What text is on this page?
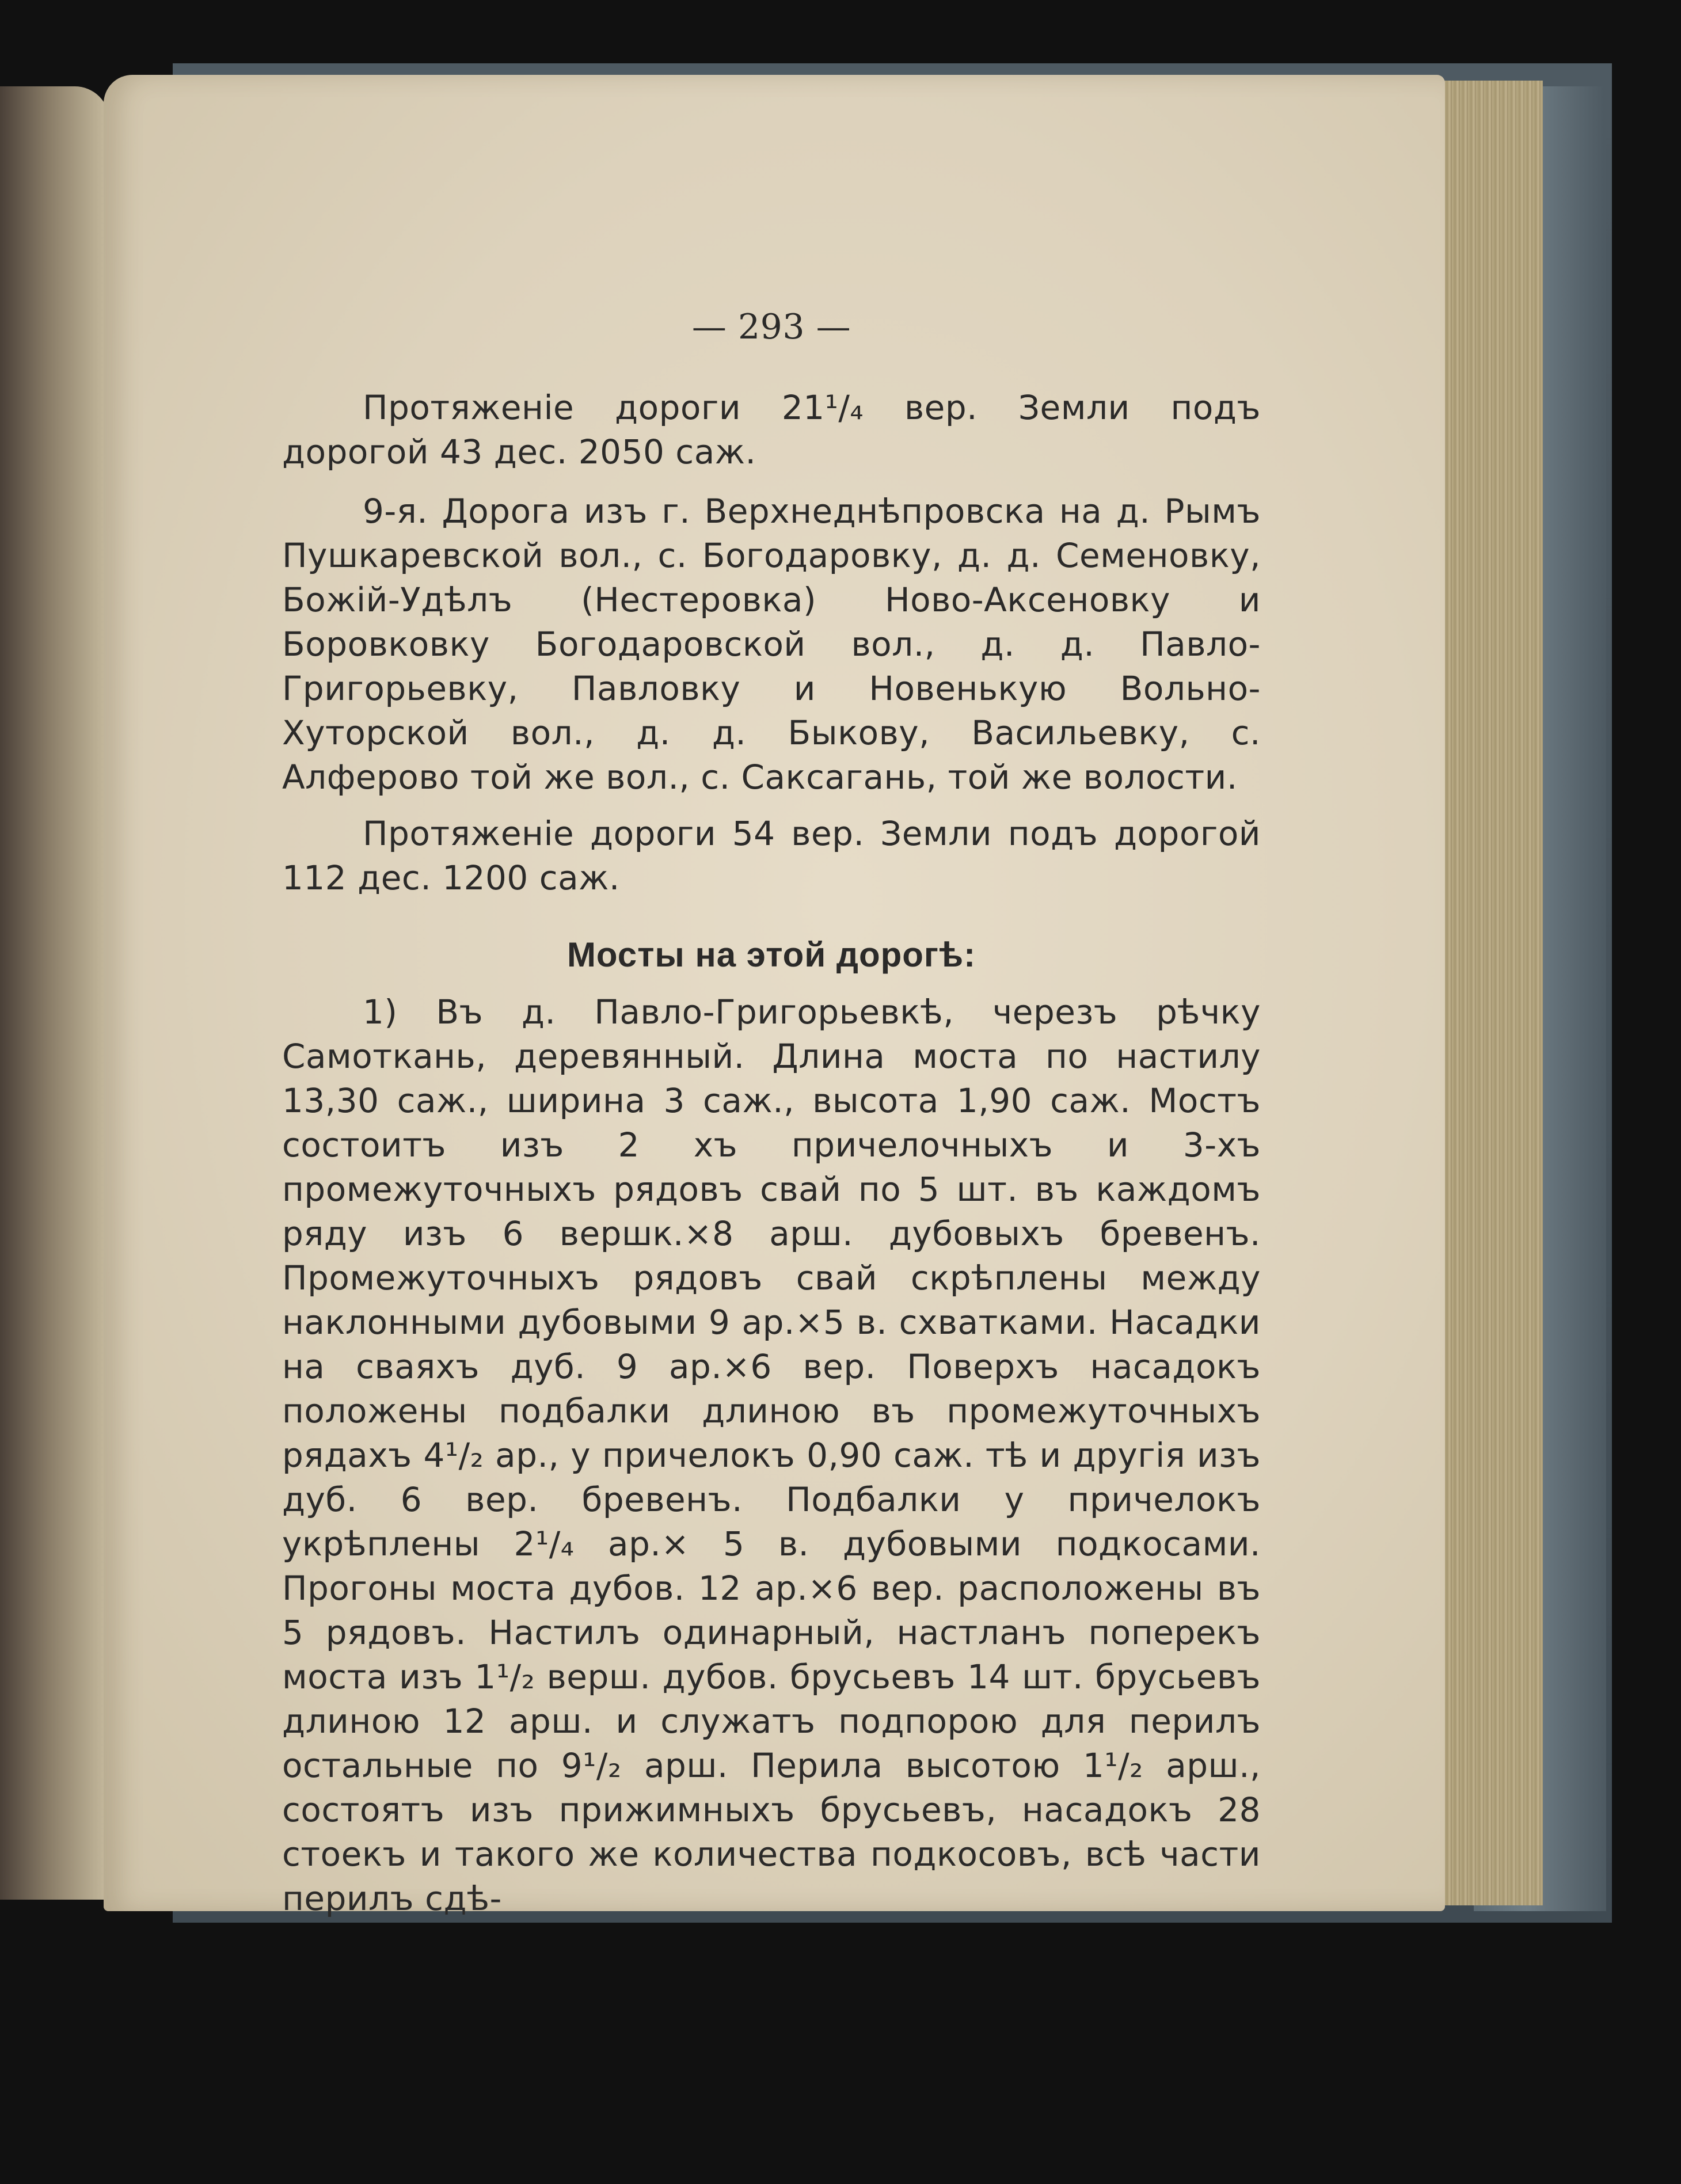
— 293 —

Протяженіе дороги 21¹/₄ вер. Земли подъ дорогой 43 дес. 2050 саж.

9-я. Дорога изъ г. Верхнеднѣпровска на д. Рымъ Пушкаревской вол., с. Богодаровку, д. д. Семеновку, Божій-Удѣлъ (Нестеровка) Ново-Аксеновку и Боровковку Богодаровской вол., д. д. Павло-Григорьевку, Павловку и Новенькую Вольно-Хуторской вол., д. д. Быкову, Васильевку, с. Алферово той же вол., с. Саксагань, той же волости.

Протяженіе дороги 54 вер. Земли подъ дорогой 112 дес. 1200 саж.

Мосты на этой дорогѣ:

1) Въ д. Павло-Григорьевкѣ, черезъ рѣчку Самоткань, деревянный. Длина моста по настилу 13,30 саж., ширина 3 саж., высота 1,90 саж. Мостъ состоитъ изъ 2 хъ причелочныхъ и 3-хъ промежуточныхъ рядовъ свай по 5 шт. въ каждомъ ряду изъ 6 вершк.×8 арш. дубовыхъ бревенъ. Промежуточныхъ рядовъ свай скрѣплены между наклонными дубовыми 9 ар.×5 в. схватками. Насадки на сваяхъ дуб. 9 ар.×6 вер. Поверхъ насадокъ положены подбалки длиною въ промежуточныхъ рядахъ 4¹/₂ ар., у причелокъ 0,90 саж. тѣ и другія изъ дуб. 6 вер. бревенъ. Подбалки у причелокъ укрѣплены 2¹/₄ ар.× 5 в. дубовыми подкосами. Прогоны моста дубов. 12 ар.×6 вер. расположены въ 5 рядовъ. Настилъ одинарный, настланъ поперекъ моста изъ 1¹/₂ верш. дубов. брусьевъ 14 шт. брусьевъ длиною 12 арш. и служатъ подпорою для перилъ остальные по 9¹/₂ арш. Перила высотою 1¹/₂ арш., состоятъ изъ прижимныхъ брусьевъ, насадокъ 28 стоекъ и такого же количества подкосовъ, всѣ части перилъ сдѣ-
